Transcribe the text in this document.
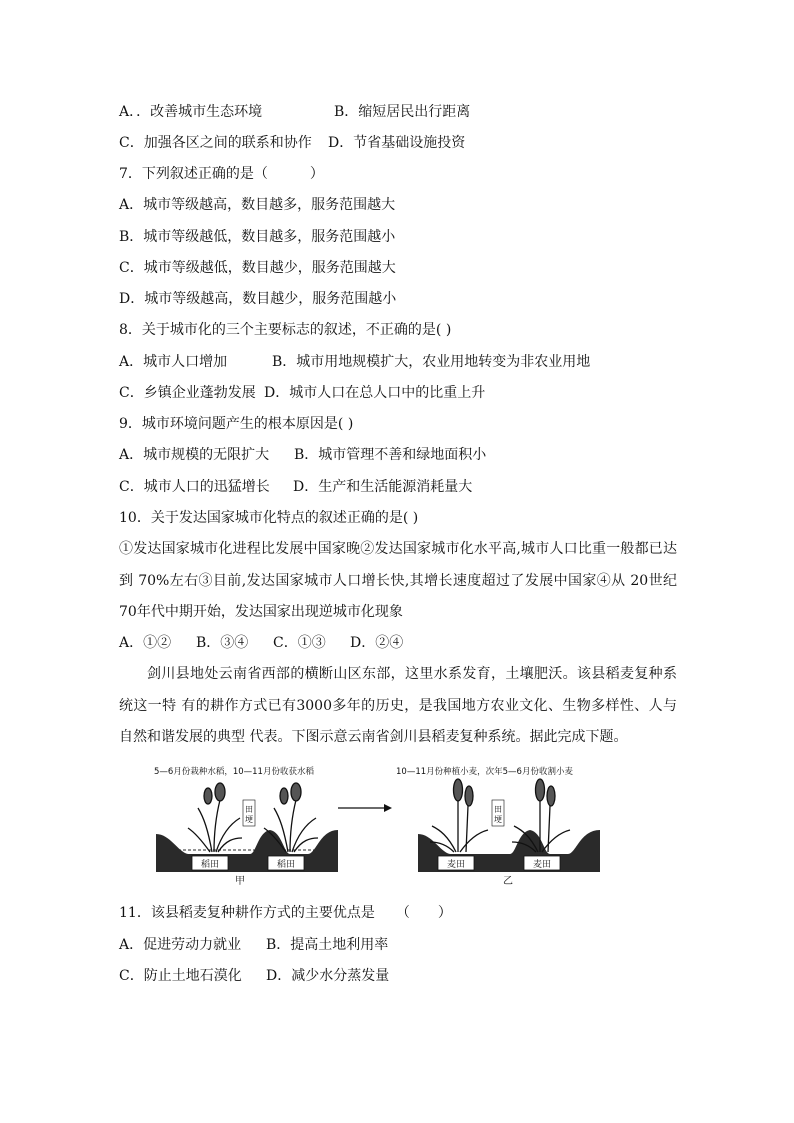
A．．改善城市生态环境	B．缩短居民出行距离
C．加强各区之间的联系和协作 D．节省基础设施投资
7．下列叙述正确的是（　　　）
A．城市等级越高，数目越多，服务范围越大
B．城市等级越低，数目越多，服务范围越小
C．城市等级越低，数目越少，服务范围越大
D．城市等级越高，数目越少，服务范围越小
8．关于城市化的三个主要标志的叙述，不正确的是( )
A．城市人口增加	B．城市用地规模扩大，农业用地转变为非农业用地
C．乡镇企业蓬勃发展 D．城市人口在总人口中的比重上升
9．城市环境问题产生的根本原因是( )
A．城市规模的无限扩大 B．城市管理不善和绿地面积小
C．城市人口的迅猛增长 D．生产和生活能源消耗量大
10．关于发达国家城市化特点的叙述正确的是( )
①发达国家城市化进程比发展中国家晚②发达国家城市化水平高,城市人口比重一般都已达到 70%左右③目前,发达国家城市人口增长快,其增长速度超过了发展中国家④从 20世纪 70年代中期开始，发达国家出现逆城市化现象
A．①② B．③④ C．①③ D．②④
剑川县地处云南省西部的横断山区东部，这里水系发育，土壤肥沃。该县稻麦复种系统这一特 有的耕作方式已有3000多年的历史，是我国地方农业文化、生物多样性、人与自然和谐发展的典型 代表。下图示意云南省剑川县稻麦复种系统。据此完成下题。
5—6月份栽种水稻，10—11月份收获水稻	10—11月份种植小麦，次年5—6月份收割小麦
稻田	稻田
田
埂
甲
麦田	麦田
田
埂
乙
11．该县稻麦复种耕作方式的主要优点是　　（　　）
A．促进劳动力就业 B．提高土地利用率
C．防止土地石漠化 D．减少水分蒸发量
